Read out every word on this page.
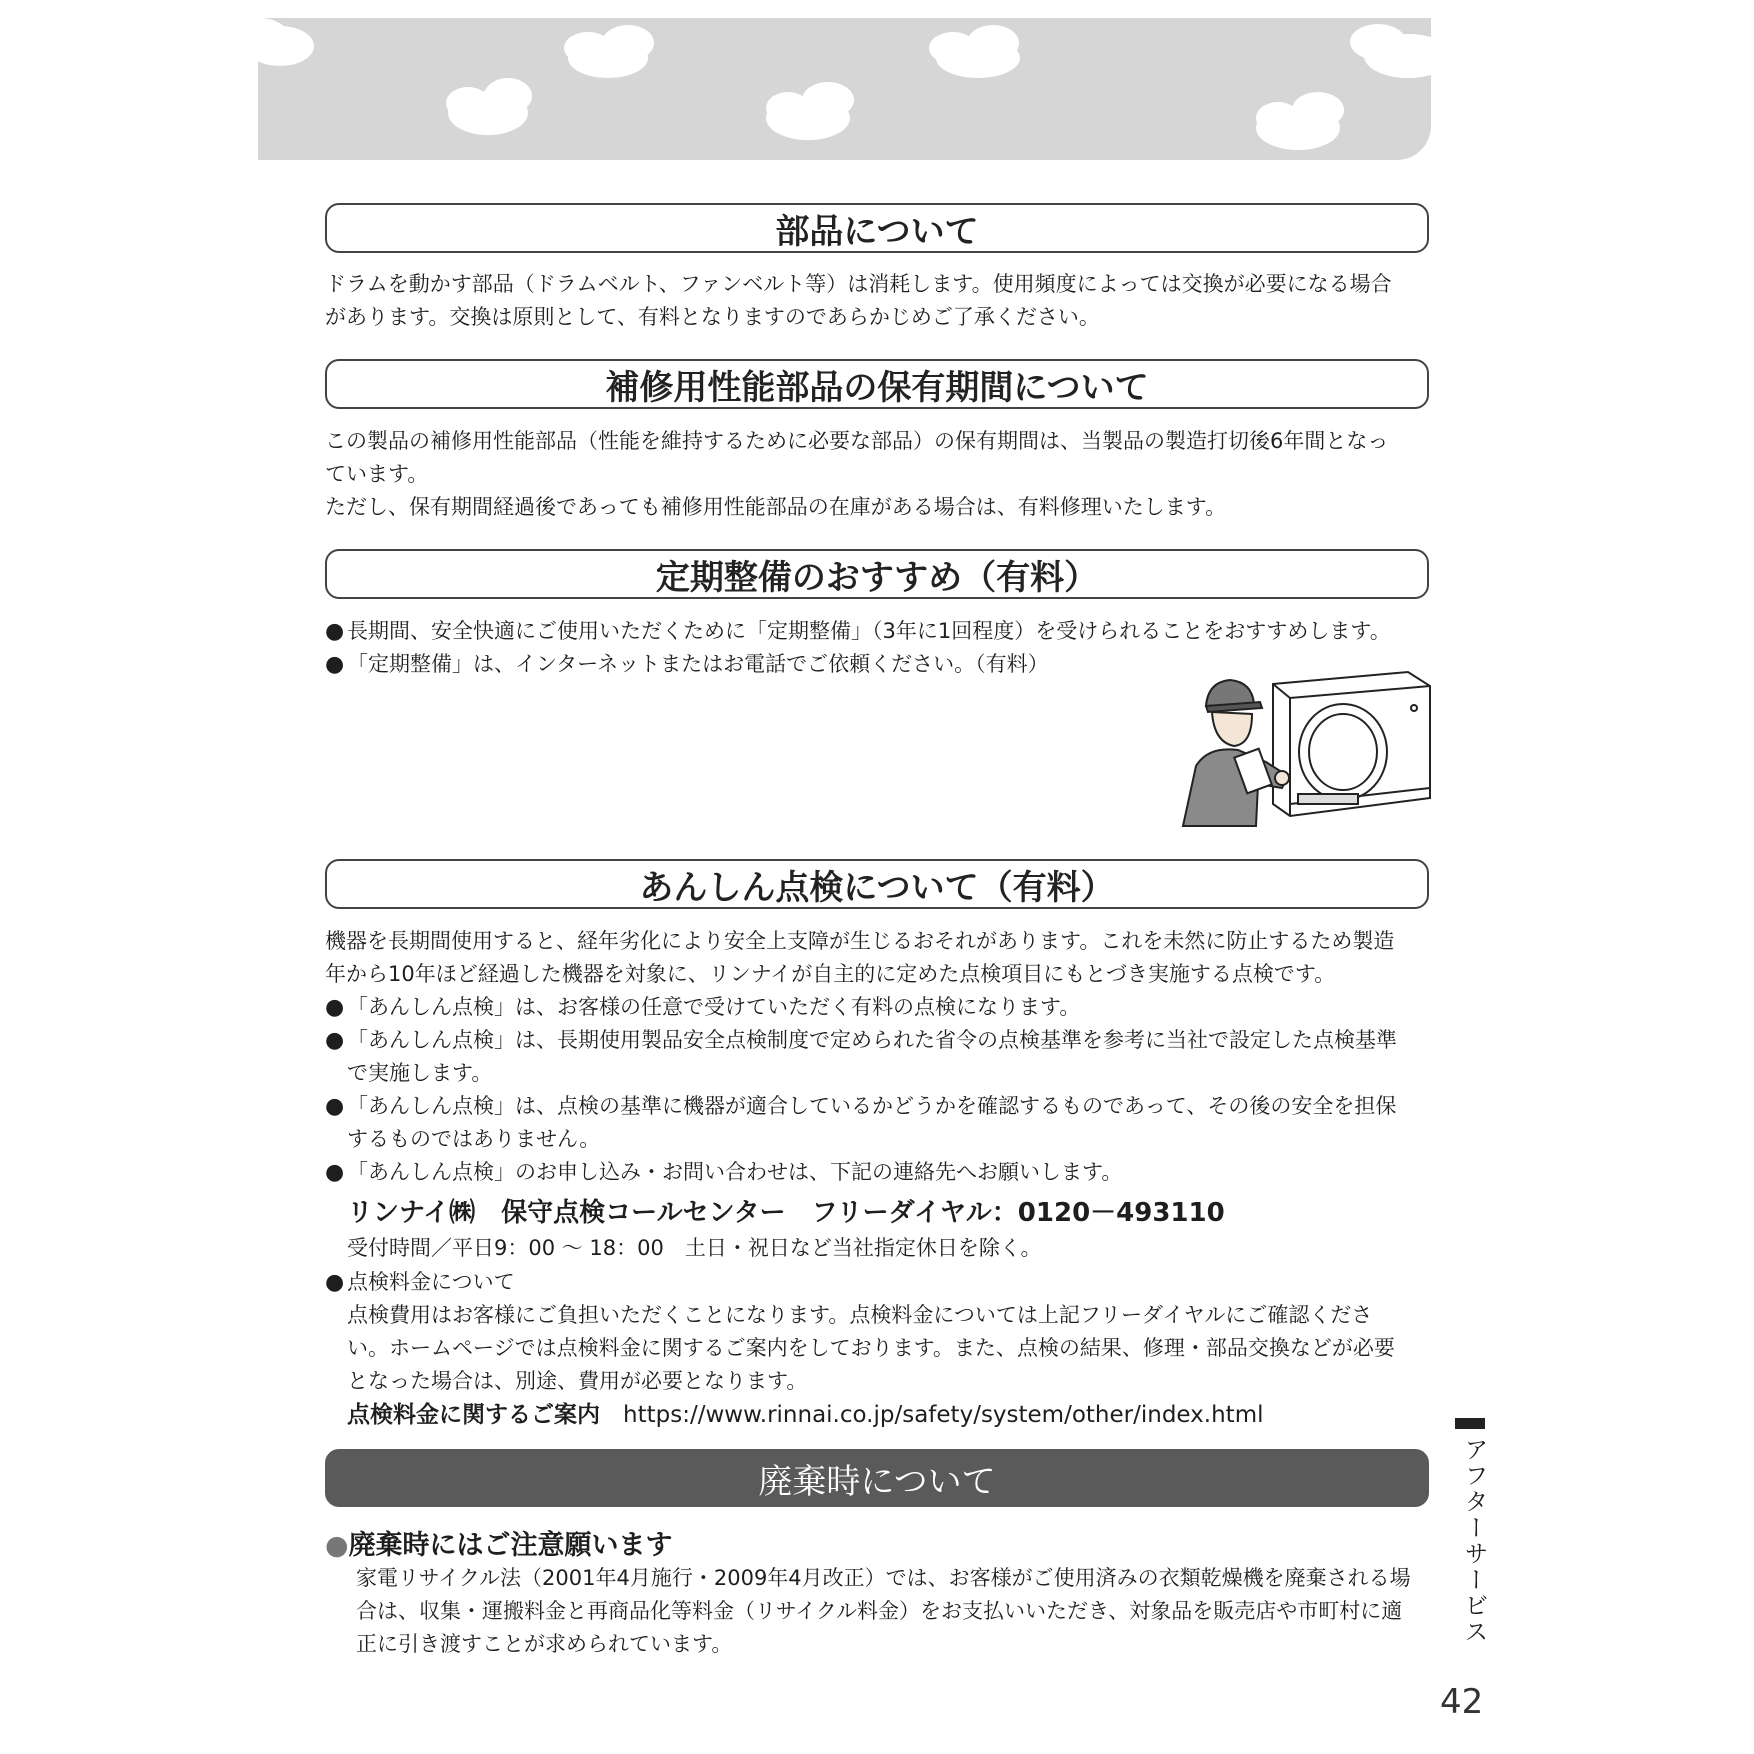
部品について

ドラムを動かす部品（ドラムベルト、ファンベルト等）は消耗します。使用頻度によっては交換が必要になる場合

があります。交換は原則として、有料となりますのであらかじめご了承ください。

補修用性能部品の保有期間について

この製品の補修用性能部品（性能を維持するために必要な部品）の保有期間は、当製品の製造打切後6年間となっ

ています。

ただし、保有期間経過後であっても補修用性能部品の在庫がある場合は、有料修理いたします。

定期整備のおすすめ（有料）
● 長期間、安全快適にご使用いただくために「定期整備」（3年に1回程度）を受けられることをおすすめします。
● 「定期整備」は、インターネットまたはお電話でご依頼ください。（有料）
あんしん点検について（有料）

機器を長期間使用すると、経年劣化により安全上支障が生じるおそれがあります。これを未然に防止するため製造

年から10年ほど経過した機器を対象に、リンナイが自主的に定めた点検項目にもとづき実施する点検です。

● 「あんしん点検」は、お客様の任意で受けていただく有料の点検になります。
● 「あんしん点検」は、長期使用製品安全点検制度で定められた省令の点検基準を参考に当社で設定した点検基準
で実施します。
● 「あんしん点検」は、点検の基準に機器が適合しているかどうかを確認するものであって、その後の安全を担保
するものではありません。
● 「あんしん点検」のお申し込み・お問い合わせは、下記の連絡先へお願いします。
リンナイ㈱　保守点検コールセンター　フリーダイヤル：0120－493110
受付時間／平日9：00 ～ 18：00　土日・祝日など当社指定休日を除く。
● 点検料金について
点検費用はお客様にご負担いただくことになります。点検料金については上記フリーダイヤルにご確認くださ
い。ホームページでは点検料金に関するご案内をしております。また、点検の結果、修理・部品交換などが必要
となった場合は、別途、費用が必要となります。
点検料金に関するご案内　 https://www.rinnai.co.jp/safety/system/other/index.html
廃棄時について
●廃棄時にはご注意願います
家電リサイクル法（2001年4月施行・2009年4月改正）では、お客様がご使用済みの衣類乾燥機を廃棄される場
合は、収集・運搬料金と再商品化等料金（リサイクル料金）をお支払いいただき、対象品を販売店や市町村に適
正に引き渡すことが求められています。	アフターサービス
42
